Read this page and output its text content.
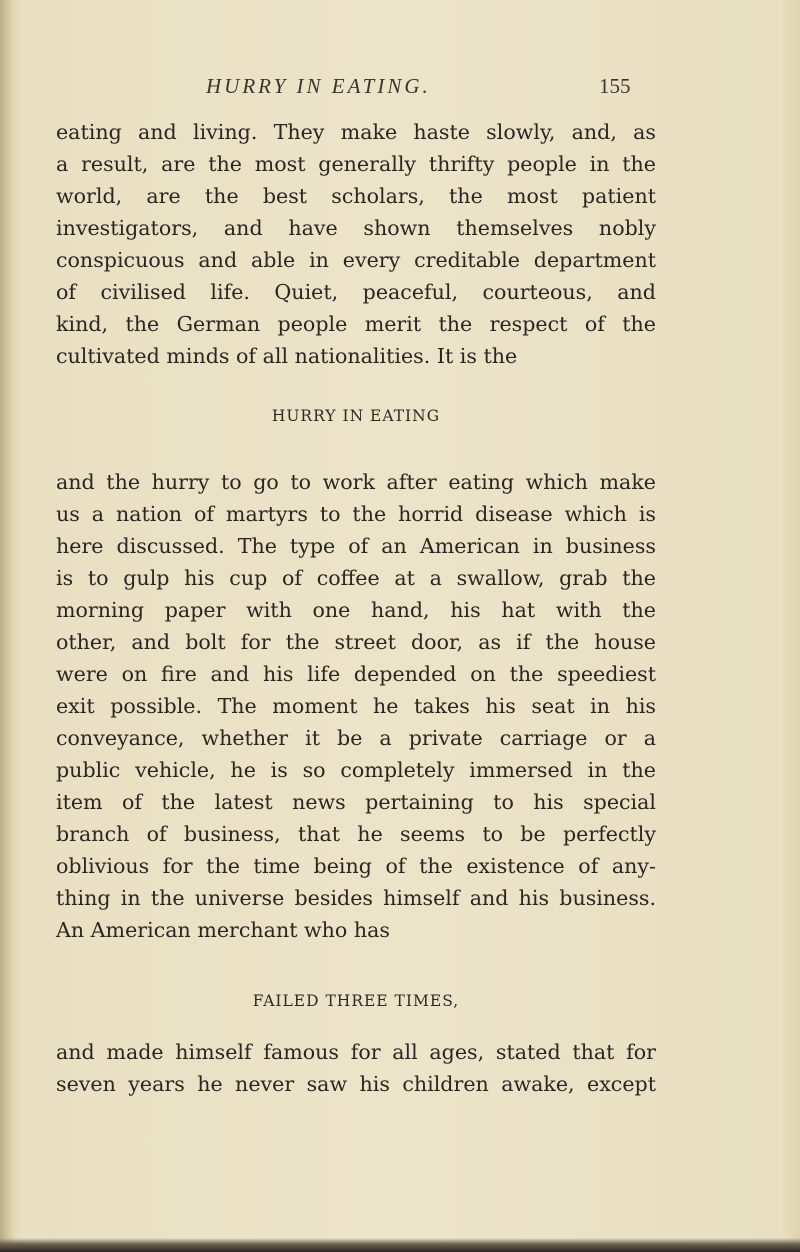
HURRY IN EATING.	155
eating and living. They make haste slowly, and, as
a result, are the most generally thrifty people in the
world, are the best scholars, the most patient
investigators, and have shown themselves nobly
conspicuous and able in every creditable department
of civilised life. Quiet, peaceful, courteous, and
kind, the German people merit the respect of the
cultivated minds of all nationalities. It is the
HURRY IN EATING
and the hurry to go to work after eating which make
us a nation of martyrs to the horrid disease which is
here discussed. The type of an American in business
is to gulp his cup of coffee at a swallow, grab the
morning paper with one hand, his hat with the
other, and bolt for the street door, as if the house
were on fire and his life depended on the speediest
exit possible. The moment he takes his seat in his
conveyance, whether it be a private carriage or a
public vehicle, he is so completely immersed in the
item of the latest news pertaining to his special
branch of business, that he seems to be perfectly
oblivious for the time being of the existence of any-
thing in the universe besides himself and his business.
An American merchant who has
FAILED THREE TIMES,
and made himself famous for all ages, stated that for
seven years he never saw his children awake, except
